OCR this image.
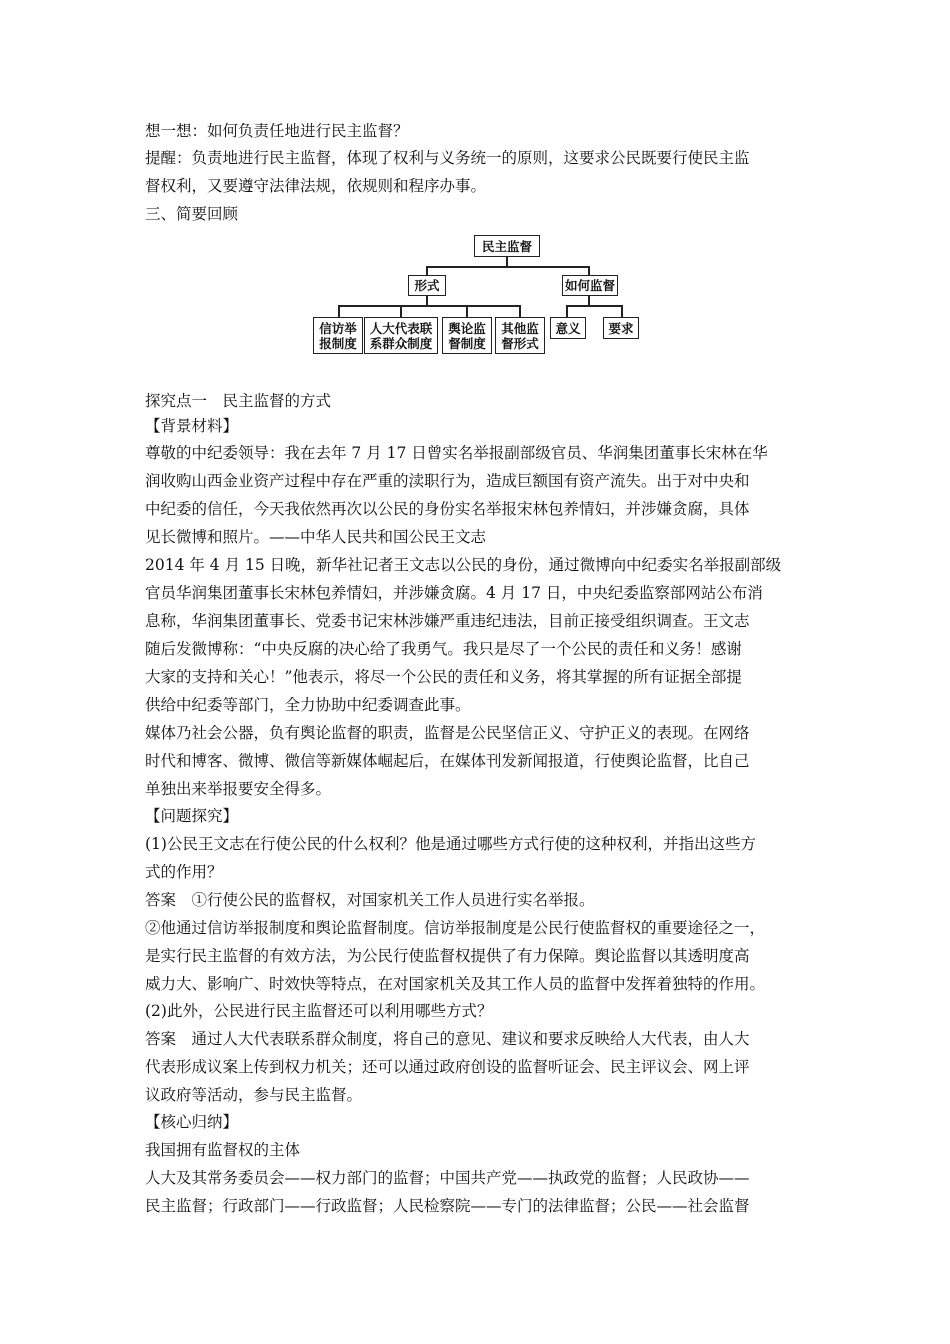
想一想：如何负责任地进行民主监督？
提醒：负责地进行民主监督，体现了权利与义务统一的原则，这要求公民既要行使民主监
督权利，又要遵守法律法规，依规则和程序办事。
三、简要回顾
民主监督
形式	如何监督
信访举
报制度
人大代表联
系群众制度
舆论监
督制度
其他监
督形式
意义	要求
探究点一　民主监督的方式
【背景材料】
尊敬的中纪委领导：我在去年 7 月 17 日曾实名举报副部级官员、华润集团董事长宋林在华
润收购山西金业资产过程中存在严重的渎职行为，造成巨额国有资产流失。出于对中央和
中纪委的信任，今天我依然再次以公民的身份实名举报宋林包养情妇，并涉嫌贪腐，具体
见长微博和照片。——中华人民共和国公民王文志
2014 年 4 月 15 日晚，新华社记者王文志以公民的身份，通过微博向中纪委实名举报副部级
官员华润集团董事长宋林包养情妇，并涉嫌贪腐。4 月 17 日，中央纪委监察部网站公布消
息称，华润集团董事长、党委书记宋林涉嫌严重违纪违法，目前正接受组织调查。王文志
随后发微博称：“中央反腐的决心给了我勇气。我只是尽了一个公民的责任和义务！感谢
大家的支持和关心！”他表示，将尽一个公民的责任和义务，将其掌握的所有证据全部提
供给中纪委等部门，全力协助中纪委调查此事。
媒体乃社会公器，负有舆论监督的职责，监督是公民坚信正义、守护正义的表现。在网络
时代和博客、微博、微信等新媒体崛起后，在媒体刊发新闻报道，行使舆论监督，比自己
单独出来举报要安全得多。
【问题探究】
(1)公民王文志在行使公民的什么权利？他是通过哪些方式行使的这种权利，并指出这些方
式的作用？
答案　①行使公民的监督权，对国家机关工作人员进行实名举报。
②他通过信访举报制度和舆论监督制度。信访举报制度是公民行使监督权的重要途径之一，
是实行民主监督的有效方法，为公民行使监督权提供了有力保障。舆论监督以其透明度高
威力大、影响广、时效快等特点，在对国家机关及其工作人员的监督中发挥着独特的作用。
(2)此外，公民进行民主监督还可以利用哪些方式？
答案　通过人大代表联系群众制度，将自己的意见、建议和要求反映给人大代表，由人大
代表形成议案上传到权力机关；还可以通过政府创设的监督听证会、民主评议会、网上评
议政府等活动，参与民主监督。
【核心归纳】
我国拥有监督权的主体
人大及其常务委员会——权力部门的监督；中国共产党——执政党的监督；人民政协——
民主监督；行政部门——行政监督；人民检察院——专门的法律监督；公民——社会监督
